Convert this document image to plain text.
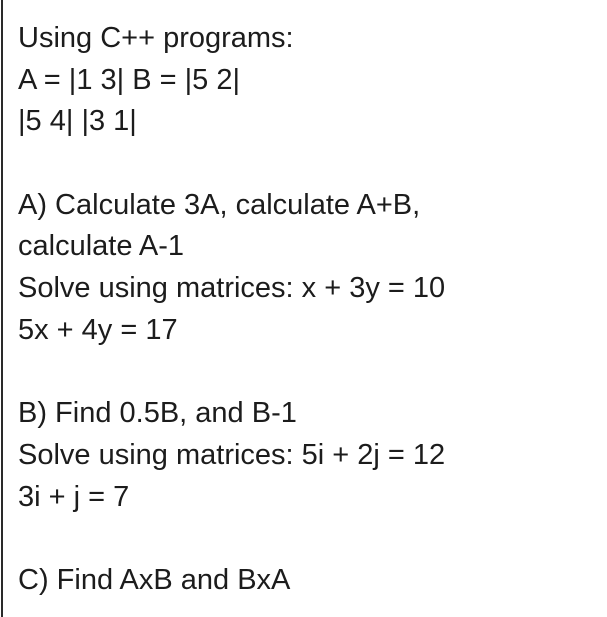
Using C++ programs:
A = |1 3| B = |5 2|
|5 4| |3 1|
A) Calculate 3A, calculate A+B,
calculate A-1
Solve using matrices: x + 3y = 10
5x + 4y = 17
B) Find 0.5B, and B-1
Solve using matrices: 5i + 2j = 12
3i + j = 7
C) Find AxB and BxA
